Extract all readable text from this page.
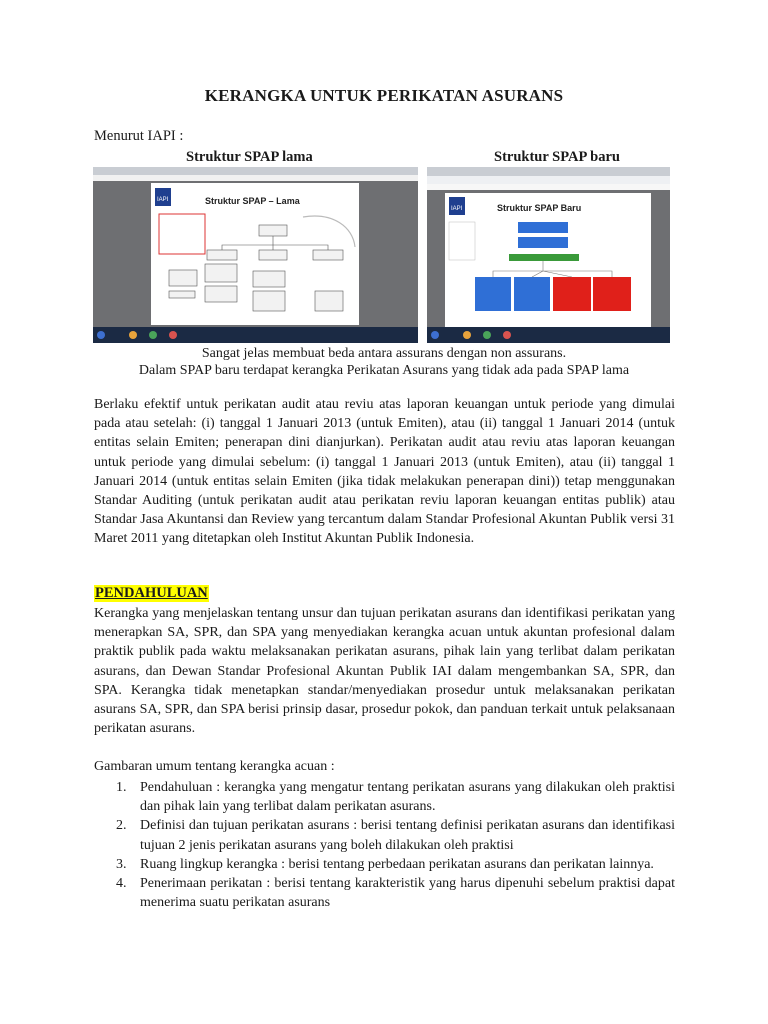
KERANGKA UNTUK PERIKATAN ASURANS
Menurut IAPI :
Struktur SPAP lama	Struktur SPAP baru
IAPI	Struktur SPAP – Lama
IAPI	Struktur SPAP Baru
Sangat jelas membuat beda antara assurans dengan non assurans.
Dalam SPAP baru terdapat kerangka Perikatan Asurans yang tidak ada pada SPAP lama

Berlaku efektif untuk perikatan audit atau reviu atas laporan keuangan untuk periode yang dimulai pada atau setelah: (i) tanggal 1 Januari 2013 (untuk Emiten), atau (ii) tanggal 1 Januari 2014 (untuk entitas selain Emiten; penerapan dini dianjurkan). Perikatan audit atau reviu atas laporan keuangan untuk periode yang dimulai sebelum: (i) tanggal 1 Januari 2013 (untuk Emiten), atau (ii) tanggal 1 Januari 2014 (untuk entitas selain Emiten (jika tidak melakukan penerapan dini)) tetap menggunakan Standar Auditing (untuk perikatan audit atau perikatan reviu laporan keuangan entitas publik) atau Standar Jasa Akuntansi dan Review yang tercantum dalam Standar Profesional Akuntan Publik versi 31 Maret 2011 yang ditetapkan oleh Institut Akuntan Publik Indonesia.

PENDAHULUAN

Kerangka yang menjelaskan tentang unsur dan tujuan perikatan asurans dan identifikasi perikatan yang menerapkan SA, SPR, dan SPA yang menyediakan kerangka acuan untuk akuntan profesional dalam praktik publik pada waktu melaksanakan perikatan asurans, pihak lain yang terlibat dalam perikatan asurans, dan Dewan Standar Profesional Akuntan Publik IAI dalam mengembankan SA, SPR, dan SPA. Kerangka tidak menetapkan standar/menyediakan prosedur untuk melaksanakan perikatan asurans SA, SPR, dan SPA berisi prinsip dasar, prosedur pokok, dan panduan terkait untuk pelaksanaan perikatan asurans.

Gambaran umum tentang kerangka acuan :
1. Pendahuluan : kerangka yang mengatur tentang perikatan asurans yang dilakukan oleh praktisi dan pihak lain yang terlibat dalam perikatan asurans.
2. Definisi dan tujuan perikatan asurans : berisi tentang definisi perikatan asurans dan identifikasi tujuan 2 jenis perikatan asurans yang boleh dilakukan oleh praktisi
3. Ruang lingkup kerangka : berisi tentang perbedaan perikatan asurans dan perikatan lainnya.
4. Penerimaan perikatan : berisi tentang karakteristik yang harus dipenuhi sebelum praktisi dapat menerima suatu perikatan asurans
